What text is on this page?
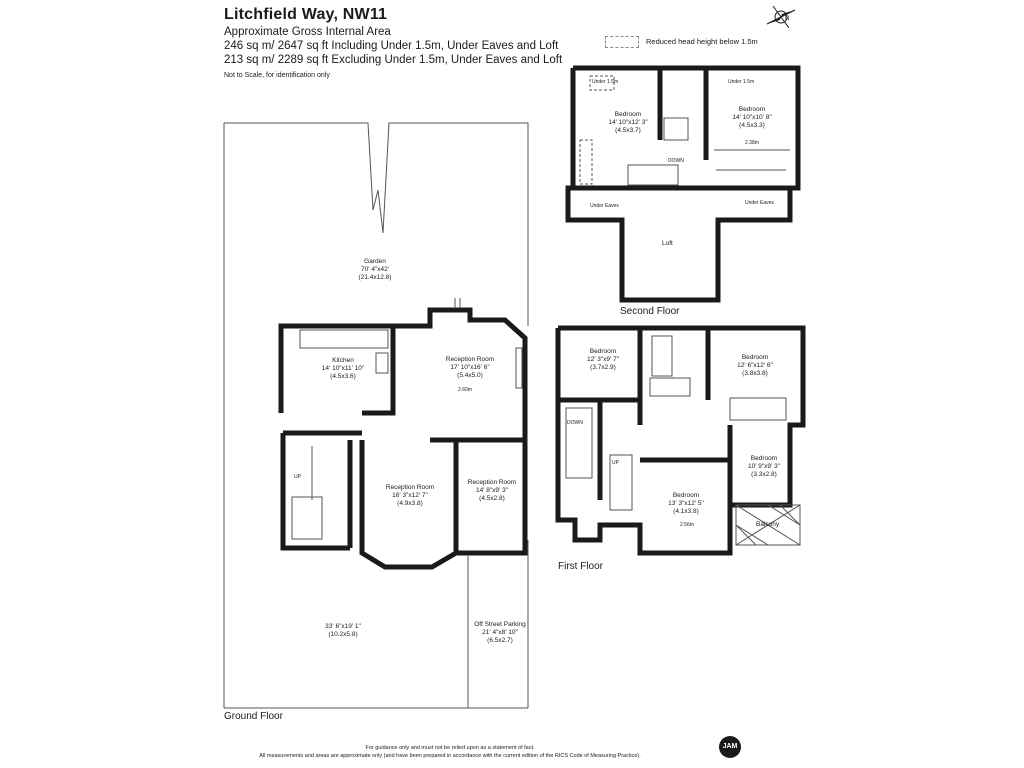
Litchfield Way, NW11
Approximate Gross Internal Area
246 sq m/ 2647 sq ft Including Under 1.5m, Under Eaves and Loft
213 sq m/ 2289 sq ft Excluding Under 1.5m, Under Eaves and Loft
Not to Scale, for identification only
Reduced head height below 1.5m
N
Garden
70' 4"x42'
(21.4x12.8)
Kitchen
14' 10"x11' 10"
(4.5x3.6)
Reception Room
17' 10"x16' 6"
(5.4x5.0)
2.60m
Reception Room
16' 3"x12' 7"
(4.9x3.8)
Reception Room
14' 8"x9' 3"
(4.5x2.8)
UP
IN
33' 6"x19' 1"
(10.2x5.8)
Off Street Parking
21' 4"x8' 10"
(6.5x2.7)
Ground Floor
Bedroom
12' 3"x9' 7"
(3.7x2.9)
Bedroom
12' 6"x12' 6"
(3.8x3.8)
Bedroom
10' 9"x9' 3"
(3.3x2.8)
Bedroom
13' 3"x12' 5"
(4.1x3.8)
2.56m
DOWN
UP
Balcony
First Floor
Bedroom
14' 10"x12' 3"
(4.5x3.7)
Bedroom
14' 10"x10' 8"
(4.5x3.3)
2.38m
DOWN
Under 1.5m	Under 1.5m
Under Eaves	Under Eaves
Loft
Second Floor
For guidance only and must not be relied upon as a statement of fact.
All measurements and areas are approximate only (and have been prepared in accordance with the current edition of the RICS Code of Measuring Practice).
JAM
